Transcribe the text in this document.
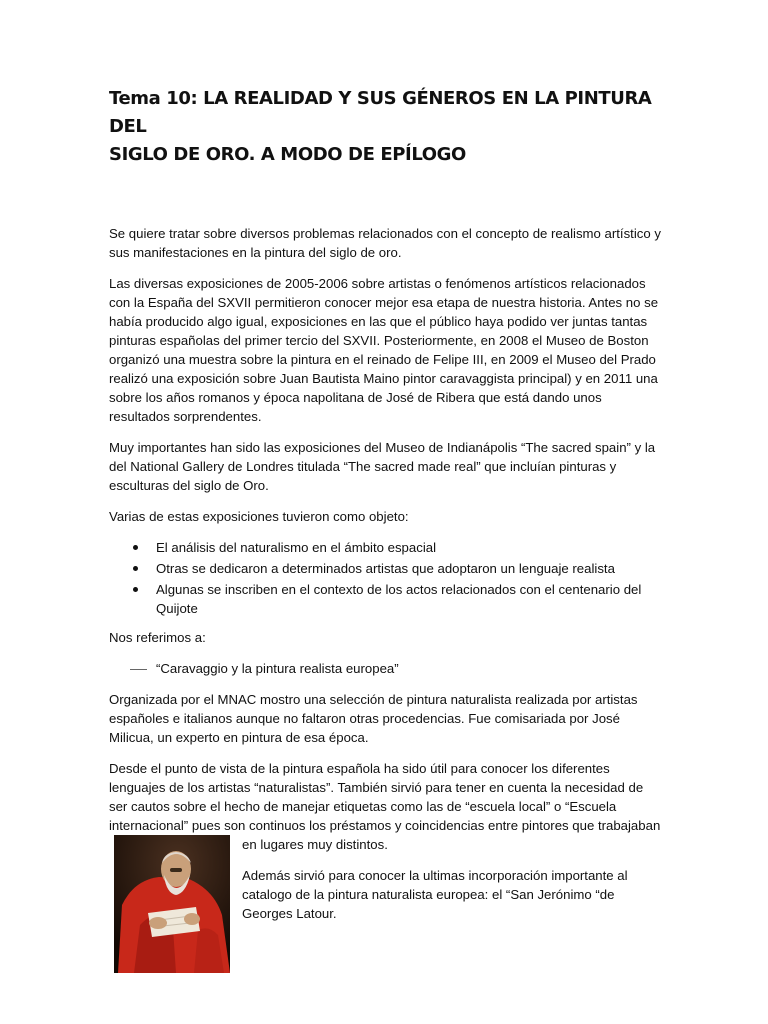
Tema 10: LA REALIDAD Y SUS GÉNEROS EN LA PINTURA DEL
SIGLO DE ORO. A MODO DE EPÍLOGO

Se quiere tratar sobre diversos problemas relacionados con el concepto de realismo artístico y sus manifestaciones en la pintura del siglo de oro.

Las diversas exposiciones de 2005-2006 sobre artistas o fenómenos artísticos relacionados con la España del SXVII permitieron conocer mejor esa etapa de nuestra historia. Antes no se había producido algo igual, exposiciones en las que el público haya podido ver juntas tantas pinturas españolas del primer tercio del SXVII. Posteriormente, en 2008 el Museo de Boston organizó una muestra sobre la pintura en el reinado de Felipe III, en 2009 el Museo del Prado realizó una exposición sobre Juan Bautista Maino pintor caravaggista principal) y en 2011 una sobre los años romanos y época napolitana de José de Ribera que está dando unos resultados sorprendentes.

Muy importantes han sido las exposiciones del Museo de Indianápolis “The sacred spain” y la del National Gallery de Londres titulada “The sacred made real” que incluían pinturas y esculturas del siglo de Oro.

Varias de estas exposiciones tuvieron como objeto:

El análisis del naturalismo en el ámbito espacial
Otras se dedicaron a determinados artistas que adoptaron un lenguaje realista
Algunas se inscriben en el contexto de los actos relacionados con el centenario del Quijote

Nos referimos a:

“Caravaggio y la pintura realista europea”

Organizada por el MNAC mostro una selección de pintura naturalista realizada por artistas españoles e italianos aunque no faltaron otras procedencias. Fue comisariada por José Milicua, un experto en pintura de esa época.

Desde el punto de vista de la pintura española ha sido útil para conocer los diferentes lenguajes de los artistas “naturalistas”. También sirvió para tener en cuenta la necesidad de ser cautos sobre el hecho de manejar etiquetas como las de “escuela local” o “Escuela internacional” pues son continuos los préstamos y coincidencias entre pintores que trabajaban

en lugares muy distintos.

Además sirvió para conocer la ultimas incorporación importante al catalogo de la pintura naturalista europea: el “San Jerónimo “de Georges Latour.
